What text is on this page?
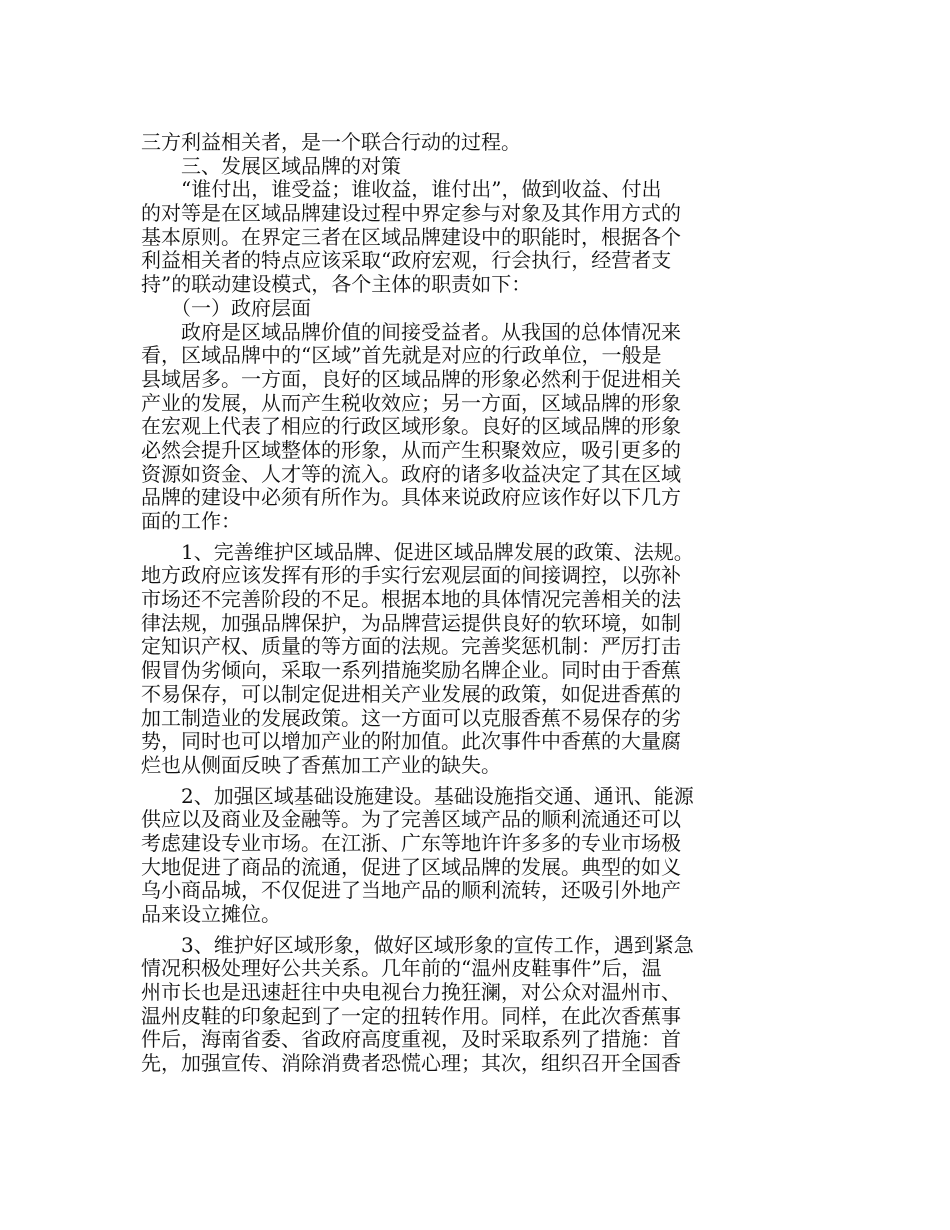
三方利益相关者，是一个联合行动的过程。
　　三、发展区域品牌的对策
　　“谁付出，谁受益；谁收益，谁付出”，做到收益、付出
的对等是在区域品牌建设过程中界定参与对象及其作用方式的
基本原则。在界定三者在区域品牌建设中的职能时，根据各个
利益相关者的特点应该采取“政府宏观，行会执行，经营者支
持”的联动建设模式，各个主体的职责如下：
　　（一）政府层面
　　政府是区域品牌价值的间接受益者。从我国的总体情况来
看，区域品牌中的“区域”首先就是对应的行政单位，一般是
县域居多。一方面，良好的区域品牌的形象必然利于促进相关
产业的发展，从而产生税收效应；另一方面，区域品牌的形象
在宏观上代表了相应的行政区域形象。良好的区域品牌的形象
必然会提升区域整体的形象，从而产生积聚效应，吸引更多的
资源如资金、人才等的流入。政府的诸多收益决定了其在区域
品牌的建设中必须有所作为。具体来说政府应该作好以下几方
面的工作：
　　1、完善维护区域品牌、促进区域品牌发展的政策、法规。
地方政府应该发挥有形的手实行宏观层面的间接调控，以弥补
市场还不完善阶段的不足。根据本地的具体情况完善相关的法
律法规，加强品牌保护，为品牌营运提供良好的软环境，如制
定知识产权、质量的等方面的法规。完善奖惩机制：严厉打击
假冒伪劣倾向，采取一系列措施奖励名牌企业。同时由于香蕉
不易保存，可以制定促进相关产业发展的政策，如促进香蕉的
加工制造业的发展政策。这一方面可以克服香蕉不易保存的劣
势，同时也可以增加产业的附加值。此次事件中香蕉的大量腐
烂也从侧面反映了香蕉加工产业的缺失。
　　2、加强区域基础设施建设。基础设施指交通、通讯、能源
供应以及商业及金融等。为了完善区域产品的顺利流通还可以
考虑建设专业市场。在江浙、广东等地许许多多的专业市场极
大地促进了商品的流通，促进了区域品牌的发展。典型的如义
乌小商品城，不仅促进了当地产品的顺利流转，还吸引外地产
品来设立摊位。
　　3、维护好区域形象，做好区域形象的宣传工作，遇到紧急
情况积极处理好公共关系。几年前的“温州皮鞋事件”后，温
州市长也是迅速赶往中央电视台力挽狂澜，对公众对温州市、
温州皮鞋的印象起到了一定的扭转作用。同样，在此次香蕉事
件后，海南省委、省政府高度重视，及时采取系列了措施：首
先，加强宣传、消除消费者恐慌心理；其次，组织召开全国香
